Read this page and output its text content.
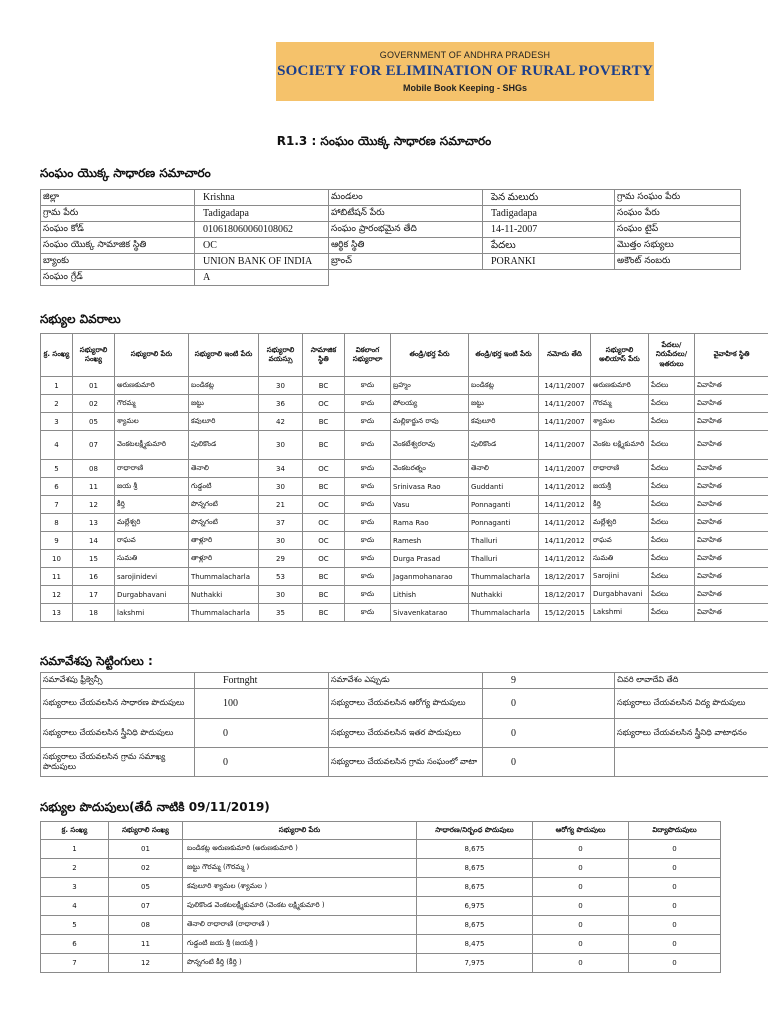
GOVERNMENT OF ANDHRA PRADESH
SOCIETY FOR ELIMINATION OF RURAL POVERTY
Mobile Book Keeping - SHGs
R1.3 : సంఘం యొక్క సాధారణ సమాచారం
సంఘం యొక్క సాధారణ సమాచారం
జిల్లా	Krishna	మండలం	పెన మలురు	గ్రామ సంఘం పేరు
గ్రామ పేరు	Tadigadapa	హాబిటేషన్ పేరు	Tadigadapa	సంఘం పేరు
సంఘం కోడ్	010618060060108062	సంఘం ప్రారంభమైన తేది	14-11-2007	సంఘం టైప్
సంఘం యొక్క సామాజిక స్థితి	OC	ఆర్థిక స్థితి	పేదలు	మొత్తం సభ్యులు
బ్యాంకు	UNION BANK OF INDIA	బ్రాంచ్	PORANKI	అకౌంట్ నంబరు
సంఘం గ్రేడ్	A			
సభ్యుల వివరాలు
క్ర. సంఖ్య	సభ్యురాలి సంఖ్య	సభ్యురాలి పేరు	సభ్యురాలి ఇంటి పేరు	సభ్యురాలి వయస్సు	సామాజిక స్థితి	వికలాంగ సభ్యురాలా	తండ్రి/భర్త పేరు	తండ్రి/భర్త ఇంటి పేరు	నమోదు తేది	సభ్యురాలి అలియాస్ పేరు	పేదలు/ నిరుపేదలు/ ఇతరులు	వైవాహిక స్థితి
1	01	అరుణకుమారి	బండికట్ల	30	BC	కాదు	బ్రహ్మం	బండికట్ల	14/11/2007	అరుణకుమారి	పేదలు	వివాహిత
2	02	గౌరమ్మ	జట్టు	36	OC	కాదు	పోలయ్య	జట్టు	14/11/2007	గౌరమ్మ	పేదలు	వివాహిత
3	05	శ్యామల	కవులూరి	42	BC	కాదు	మల్లికార్జున రావు	కవులూరి	14/11/2007	శ్యామల	పేదలు	వివాహిత
4	07	వెంకటలక్ష్మీకుమారి	పులికొండ	30	BC	కాదు	వెంకటేశ్వరరావు	పులికొండ	14/11/2007	వెంకట లక్ష్మికుమారి	పేదలు	వివాహిత
5	08	రాధారాణి	తెనాలి	34	OC	కాదు	వెంకటరత్నం	తెనాలి	14/11/2007	రాధారాణి	పేదలు	వివాహిత
6	11	జయ శ్రీ	గుడ్డంటి	30	BC	కాదు	Srinivasa Rao	Guddanti	14/11/2012	జయశ్రీ	పేదలు	వివాహిత
7	12	కీర్తి	పొన్నగంటి	21	OC	కాదు	Vasu	Ponnaganti	14/11/2012	కీర్తి	పేదలు	వివాహిత
8	13	మల్లేశ్వరి	పొన్నగంటి	37	OC	కాదు	Rama Rao	Ponnaganti	14/11/2012	మల్లేశ్వరి	పేదలు	వివాహిత
9	14	రాఘవ	తాళ్లూరి	30	OC	కాదు	Ramesh	Thalluri	14/11/2012	రాఘవ	పేదలు	వివాహిత
10	15	సుమతి	తాళ్లూరి	29	OC	కాదు	Durga Prasad	Thalluri	14/11/2012	సుమతి	పేదలు	వివాహిత
11	16	sarojinidevi	Thummalacharla	53	BC	కాదు	Jaganmohanarao	Thummalacharla	18/12/2017	Sarojini	పేదలు	వివాహిత
12	17	Durgabhavani	Nuthakki	30	BC	కాదు	Lithish	Nuthakki	18/12/2017	Durgabhavani	పేదలు	వివాహిత
13	18	lakshmi	Thummalacharla	35	BC	కాదు	Sivavenkatarao	Thummalacharla	15/12/2015	Lakshmi	పేదలు	వివాహిత
సమావేశపు సెట్టింగులు :
సమావేశపు ఫ్రీక్వెన్సీ	Fortnght	సమావేశం ఎప్పుడు	9	చివరి లావాదేవి తేది
సభ్యురాలు చేయవలసిన సాధారణ పొదుపులు	100	సభ్యురాలు చేయవలసిన ఆరోగ్య పొదుపులు	0	సభ్యురాలు చేయవలసిన విద్య పొదుపులు
సభ్యురాలు చేయవలసిన స్త్రీనిధి పొదుపులు	0	సభ్యురాలు చేయవలసిన ఇతర పొదుపులు	0	సభ్యురాలు చేయవలసిన స్త్రీనిధి వాటాధనం
సభ్యురాలు చేయవలసిన గ్రామ సమాఖ్య పొదుపులు	0	సభ్యురాలు చేయవలసిన గ్రామ సంఘంలో వాటా	0	
సభ్యుల పొదుపులు(తేదీ నాటికి 09/11/2019)
క్ర. సంఖ్య	సభ్యురాలి సంఖ్య	సభ్యురాలి పేరు	సాధారణ/నిర్బంధ పొదుపులు	ఆరోగ్య పొదుపులు	విద్యాపొదుపులు
1	01	బండికట్ల అరుణకుమారి (అరుణకుమారి )	8,675	0	0
2	02	జట్టు గౌరమ్మ (గౌరమ్మ )	8,675	0	0
3	05	కవులూరి శ్యామల (శ్యామల )	8,675	0	0
4	07	పులికొండ వెంకటలక్ష్మీకుమారి (వెంకట లక్ష్మికుమారి )	6,975	0	0
5	08	తెనాలి రాధారాణి (రాధారాణి )	8,675	0	0
6	11	గుడ్డంటి జయ శ్రీ (జయశ్రీ )	8,475	0	0
7	12	పొన్నగంటి కీర్తి (కీర్తి )	7,975	0	0
